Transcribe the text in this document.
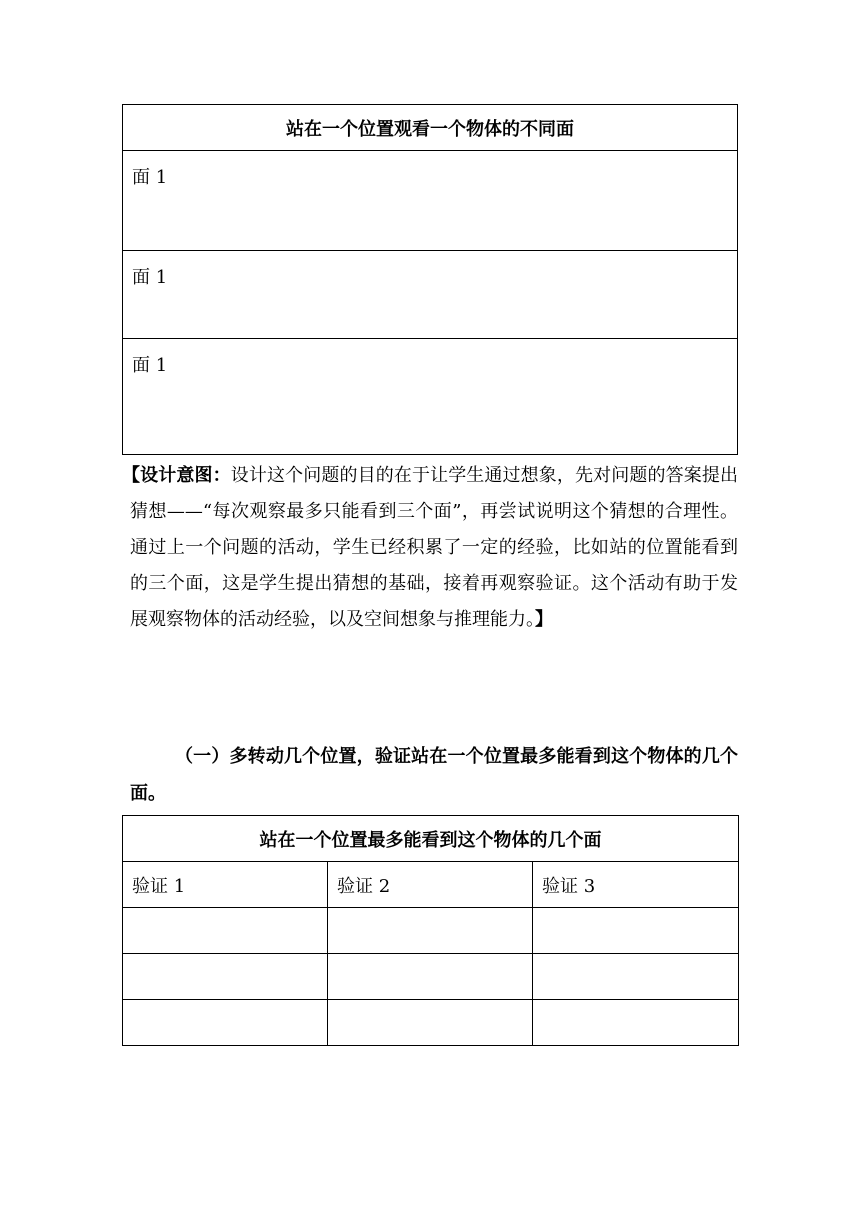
站在一个位置观看一个物体的不同面
面 1
面 1
面 1

【设计意图：设计这个问题的目的在于让学生通过想象，先对问题的答案提出猜想——“每次观察最多只能看到三个面”，再尝试说明这个猜想的合理性。通过上一个问题的活动，学生已经积累了一定的经验，比如站的位置能看到的三个面，这是学生提出猜想的基础，接着再观察验证。这个活动有助于发展观察物体的活动经验，以及空间想象与推理能力。】

（一）多转动几个位置，验证站在一个位置最多能看到这个物体的几个面。
站在一个位置最多能看到这个物体的几个面		
验证 1	验证 2	验证 3
